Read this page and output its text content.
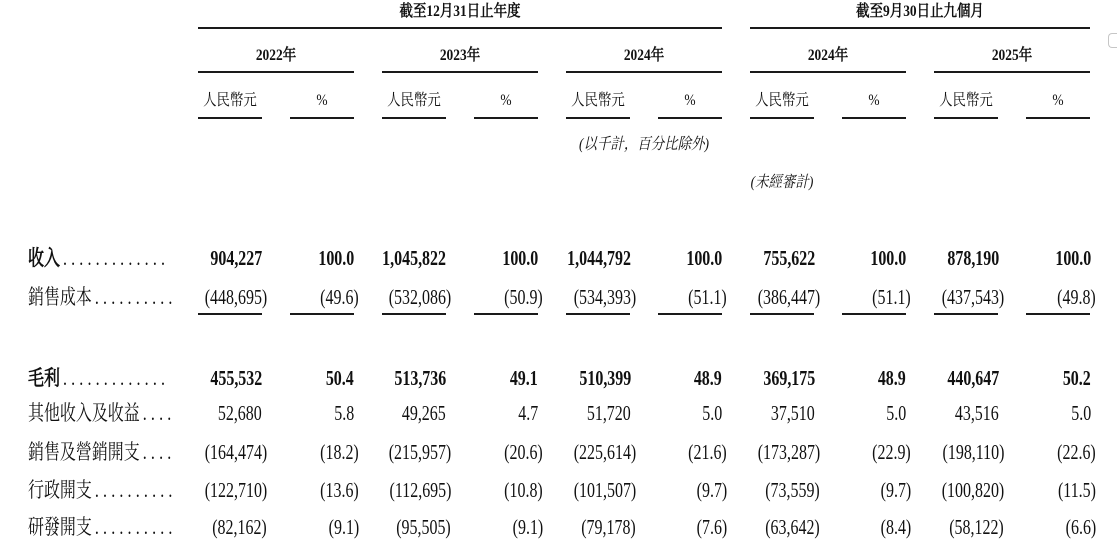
截至12月31日止年度	截至9月30日止九個月
2022年	2023年	2024年	2024年	2025年
人民幣元	%	人民幣元	%	人民幣元	%	人民幣元	%	人民幣元	%
(以千計，百分比除外)
(未經審計)
收入 ............. 904,227	100.0 1,045,822	100.0 1,044,792	100.0 755,622	100.0 878,190	100.0
銷售成本 .......... (448,695)	(49.6) (532,086)	(50.9) (534,393) (51.1) (386,447) (51.1) (437,543)	(49.8)
毛利 ............. 455,532	50.4 513,736	49.1 510,399	48.9 369,175	48.9 440,647	50.2
其他收入及收益 .... 52,680	5.8 49,265	4.7 51,720	5.0 37,510	5.0 43,516	5.0
銷售及營銷開支 .... (164,474)	(18.2) (215,957)	(20.6) (225,614) (21.6) (173,287) (22.9) (198,110)	(22.6)
行政開支 .......... (122,710)	(13.6) (112,695)	(10.8) (101,507)	(9.7) (73,559)	(9.7) (100,820)	(11.5)
研發開支 .......... (82,162)	(9.1) (95,505)	(9.1) (79,178)	(7.6) (63,642)	(8.4) (58,122)	(6.6)
